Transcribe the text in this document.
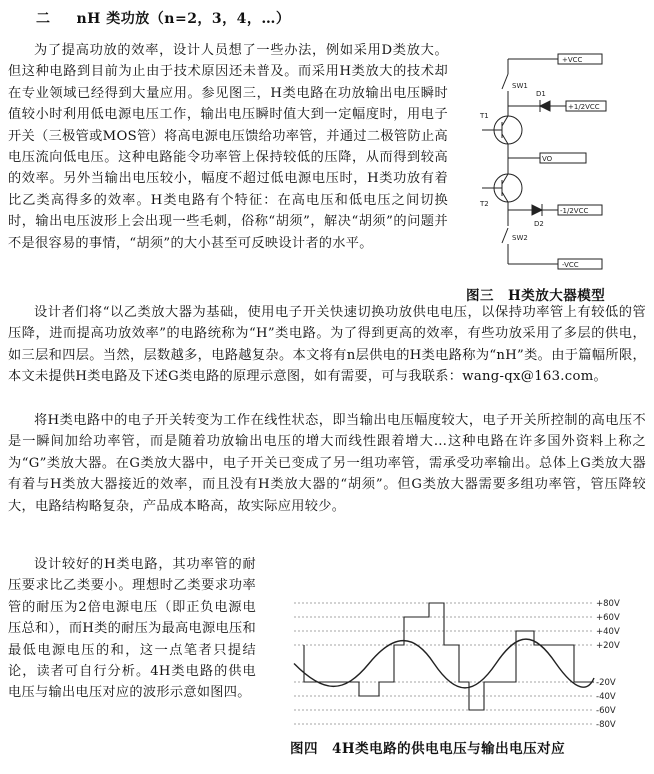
二 nH 类功放（n=2，3，4，…）
为了提高功放的效率，设计人员想了一些办法，例如采用D类放大。但这种电路到目前为止由于技术原因还未普及。而采用H类放大的技术却在专业领域已经得到大量应用。参见图三，H类电路在功放输出电压瞬时值较小时利用低电源电压工作，输出电压瞬时值大到一定幅度时，用电子开关（三极管或MOS管）将高电源电压馈给功率管，并通过二极管防止高电压流向低电压。这种电路能令功率管上保持较低的压降，从而得到较高的效率。另外当输出电压较小，幅度不超过低电源电压时，H类功放有着比乙类高得多的效率。H类电路有个特征：在高电压和低电压之间切换时，输出电压波形上会出现一些毛刺，俗称“胡须”，解决“胡须”的问题并不是很容易的事情，“胡须”的大小甚至可反映设计者的水平。
设计者们将“以乙类放大器为基础，使用电子开关快速切换功放供电电压，以保持功率管上有较低的管压降，进而提高功放效率”的电路统称为“H”类电路。为了得到更高的效率，有些功放采用了多层的供电，如三层和四层。当然，层数越多，电路越复杂。本文将有n层供电的H类电路称为“nH”类。由于篇幅所限，本文未提供H类电路及下述G类电路的原理示意图，如有需要，可与我联系：wang-qx@163.com。
将H类电路中的电子开关转变为工作在线性状态，即当输出电压幅度较大，电子开关所控制的高电压不是一瞬间加给功率管，而是随着功放输出电压的增大而线性跟着增大…这种电路在许多国外资料上称之为“G”类放大器。在G类放大器中，电子开关已变成了另一组功率管，需承受功率输出。总体上G类放大器有着与H类放大器接近的效率，而且没有H类放大器的“胡须”。但G类放大器需要多组功率管，管压降较大，电路结构略复杂，产品成本略高，故实际应用较少。
设计较好的H类电路，其功率管的耐压要求比乙类要小。理想时乙类要求功率管的耐压为2倍电源电压（即正负电源电压总和），而H类的耐压为最高电源电压和最低电源电压的和，这一点笔者只提结论，读者可自行分析。4H类电路的供电电压与输出电压对应的波形示意如图四。
+VCC
+1/2VCC
VO
-1/2VCC
-VCC
SW1
SW2
D1
D2
T1
T2
图三　H类放大器模型
+80V
+60V
+40V
+20V
-20V
-40V
-60V
-80V
图四　4H类电路的供电电压与输出电压对应
